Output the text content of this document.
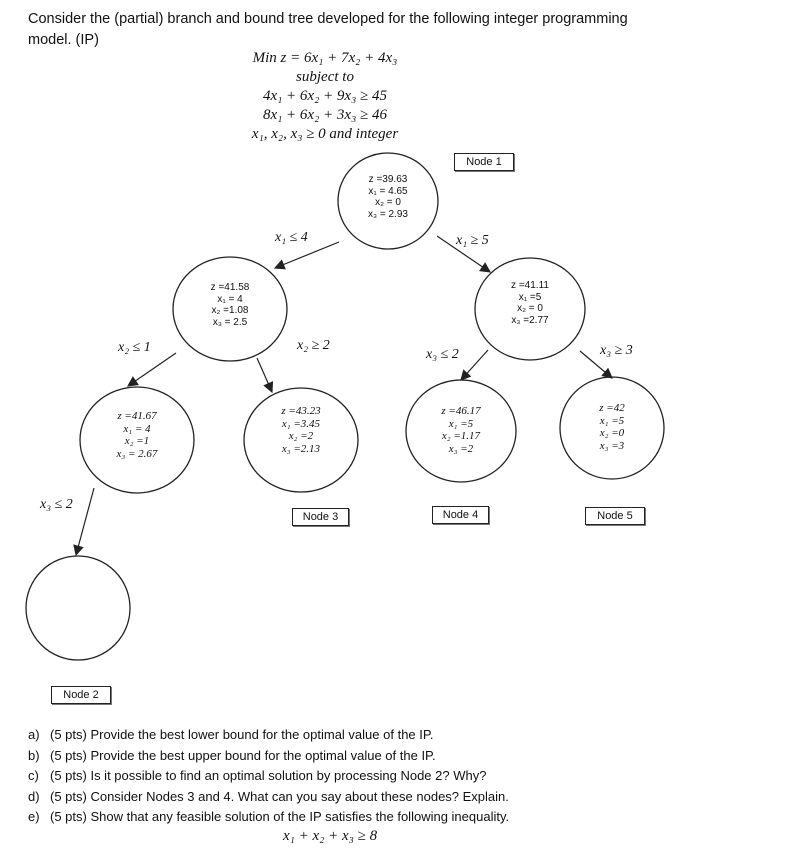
Consider the (partial) branch and bound tree developed for the following integer programming model. (IP)
Min z = 6x₁ + 7x₂ + 4x₃
subject to
4x₁ + 6x₂ + 9x₃ ≥ 45
8x₁ + 6x₂ + 3x₃ ≥ 46
x₁, x₂, x₃ ≥ 0 and integer
z =39.63
x₁ = 4.65
x₂ = 0
x₃ = 2.93
z =41.58
x₁ = 4
x₂ =1.08
x₃ = 2.5
z =41.11
x₁ =5
x₂ = 0
x₃ =2.77
z =41.67
x₁ = 4
x₂ =1
x₃ = 2.67
z =43.23
x₁ =3.45
x₂ =2
x₃ =2.13
z =46.17
x₁ =5
x₂ =1.17
x₃ =2
z =42
x₁ =5
x₂ =0
x₃ =3
x₁ ≤ 4	x₁ ≥ 5
x₂ ≤ 1	x₂ ≥ 2
x₃ ≤ 2	x₃ ≥ 3
x₃ ≤ 2
Node 1
Node 3	Node 4	Node 5
Node 2
a) (5 pts) Provide the best lower bound for the optimal value of the IP.
b) (5 pts) Provide the best upper bound for the optimal value of the IP.
c) (5 pts) Is it possible to find an optimal solution by processing Node 2? Why?
d) (5 pts) Consider Nodes 3 and 4. What can you say about these nodes? Explain.
e) (5 pts) Show that any feasible solution of the IP satisfies the following inequality.
x₁ + x₂ + x₃ ≥ 8
